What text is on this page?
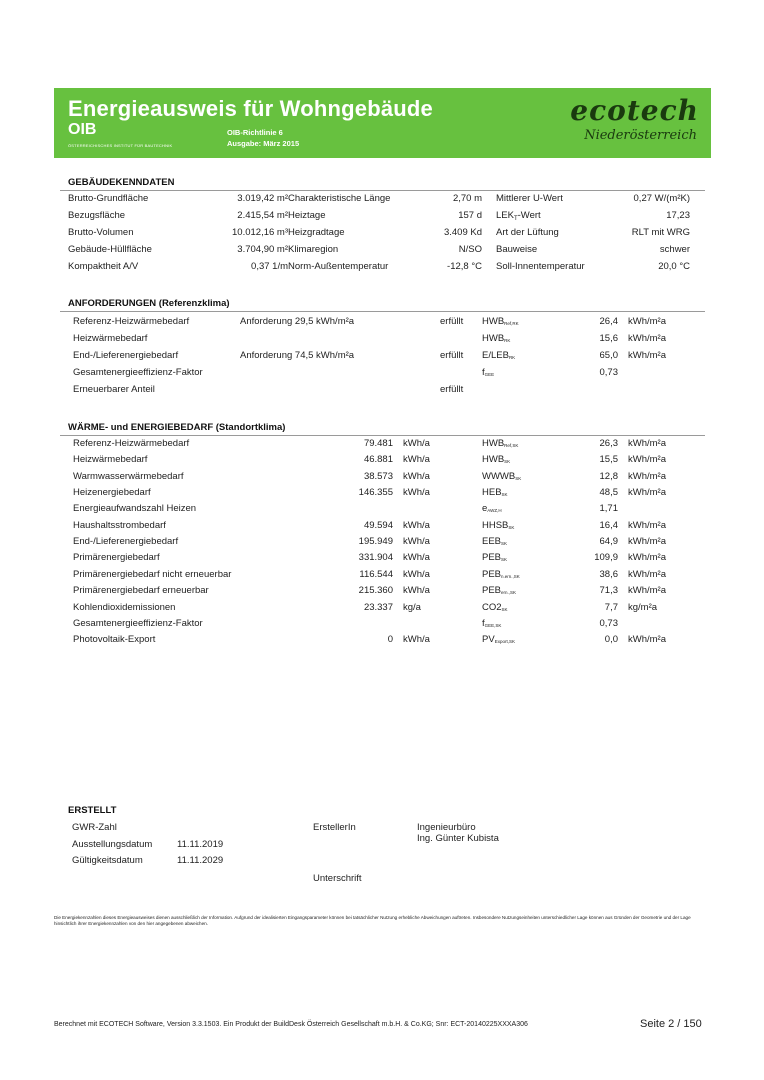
Energieausweis für Wohngebäude
OIB
ÖSTERREICHISCHES INSTITUT FÜR BAUTECHNIK
OIB-Richtlinie 6
Ausgabe: März 2015
ecotech
Niederösterreich
GEBÄUDEKENNDATEN
Brutto-Grundfläche	3.019,42 m² Charakteristische Länge	2,70 m Mittlerer U-Wert	0,27 W/(m²K)
Bezugsfläche	2.415,54 m² Heiztage	157 d $LEK_T$-Wert	17,23
Brutto-Volumen	10.012,16 m³ Heizgradtage	3.409 Kd Art der Lüftung	RLT mit WRG
Gebäude-Hüllfläche	3.704,90 m² Klimaregion	N/SO Bauweise	schwer
Kompaktheit A/V	0,37 1/m Norm-Außentemperatur	-12,8 °C Soll-Innentemperatur	20,0 °C
ANFORDERUNGEN (Referenzklima)
Referenz-Heizwärmebedarf	Anforderung 29,5 kWh/m²a	erfüllt $HWB_{Ref,RK}$	26,4 kWh/m²a
Heizwärmebedarf	$HWB_{RK}$	15,6 kWh/m²a
End-/Lieferenergiebedarf	Anforderung 74,5 kWh/m²a	erfüllt $E/LEB_{RK}$	65,0 kWh/m²a
Gesamtenergieeffizienz-Faktor	$f_{GEE}$	0,73
Erneuerbarer Anteil	erfüllt
WÄRME- und ENERGIEBEDARF (Standortklima)
Referenz-Heizwärmebedarf	79.481 kWh/a	$HWB_{Ref,SK}$	26,3 kWh/m²a
Heizwärmebedarf	46.881 kWh/a	$HWB_{SK}$	15,5 kWh/m²a
Warmwasserwärmebedarf	38.573 kWh/a	$WWWB_{SK}$	12,8 kWh/m²a
Heizenergiebedarf	146.355 kWh/a	$HEB_{SK}$	48,5 kWh/m²a
Energieaufwandszahl Heizen	$e_{AWZ,H}$	1,71
Haushaltsstrombedarf	49.594 kWh/a	$HHSB_{SK}$	16,4 kWh/m²a
End-/Lieferenergiebedarf	195.949 kWh/a	$EEB_{SK}$	64,9 kWh/m²a
Primärenergiebedarf	331.904 kWh/a	$PEB_{SK}$	109,9 kWh/m²a
Primärenergiebedarf nicht erneuerbar	116.544 kWh/a	$PEB_{n.ern.,SK}$	38,6 kWh/m²a
Primärenergiebedarf erneuerbar	215.360 kWh/a	$PEB_{ern.,SK}$	71,3 kWh/m²a
Kohlendioxidemissionen	23.337 kg/a	$CO2_{SK}$	7,7 kg/m²a
Gesamtenergieeffizienz-Faktor	$f_{GEE,SK}$	0,73
Photovoltaik-Export	0 kWh/a	$PV_{Export,SK}$	0,0 kWh/m²a
ERSTELLT
GWR-Zahl
Ausstellungsdatum	11.11.2019
Gültigkeitsdatum	11.11.2029
ErstellerIn	Ingenieurbüro
Ing. Günter Kubista
Unterschrift
Die Energiekennzahlen dieses Energieausweises dienen ausschließlich der Information. Aufgrund der idealisierten Eingangsparameter können bei tatsächlicher Nutzung erhebliche Abweichungen auftreten. Insbesondere Nutzungseinheiten unterschiedlicher Lage können aus Gründen der Geometrie und der Lage hinsichtlich ihrer Energiekennzahlen von den hier angegebenen abweichen.
Berechnet mit ECOTECH Software, Version 3.3.1503. Ein Produkt der BuildDesk Österreich Gesellschaft m.b.H. & Co.KG; Snr: ECT-20140225XXXA306	Seite 2 / 150
